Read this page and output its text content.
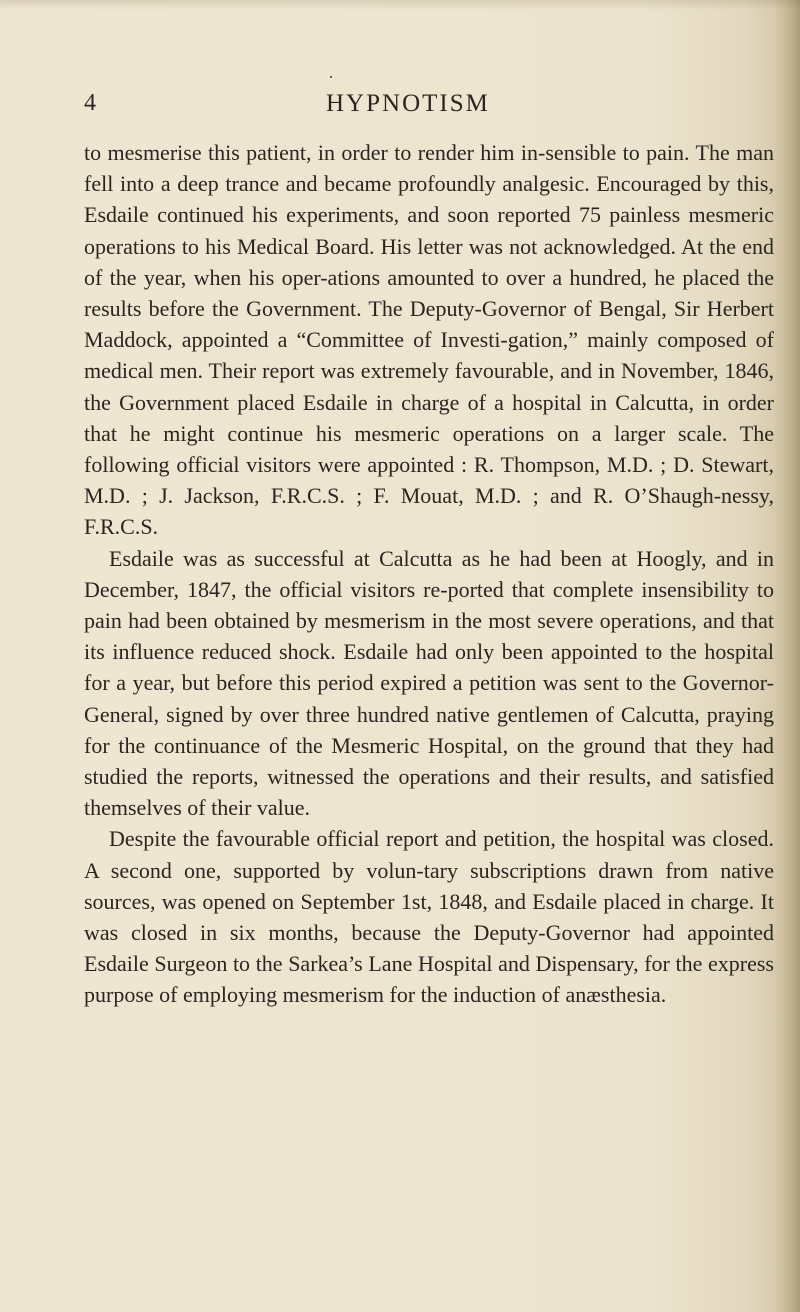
·
4	HYPNOTISM

to mesmerise this patient, in order to render him in-sensible to pain. The man fell into a deep trance and became profoundly analgesic. Encouraged by this, Esdaile continued his experiments, and soon reported 75 painless mesmeric operations to his Medical Board. His letter was not acknowledged. At the end of the year, when his oper-ations amounted to over a hundred, he placed the results before the Government. The Deputy-Governor of Bengal, Sir Herbert Maddock, appointed a “Committee of Investi-gation,” mainly composed of medical men. Their report was extremely favourable, and in November, 1846, the Government placed Esdaile in charge of a hospital in Calcutta, in order that he might continue his mesmeric operations on a larger scale. The following official visitors were appointed : R. Thompson, M.D. ; D. Stewart, M.D. ; J. Jackson, F.R.C.S. ; F. Mouat, M.D. ; and R. O’Shaugh-nessy, F.R.C.S.

Esdaile was as successful at Calcutta as he had been at Hoogly, and in December, 1847, the official visitors re-ported that complete insensibility to pain had been obtained by mesmerism in the most severe operations, and that its influence reduced shock. Esdaile had only been appointed to the hospital for a year, but before this period expired a petition was sent to the Governor-General, signed by over three hundred native gentlemen of Calcutta, praying for the continuance of the Mesmeric Hospital, on the ground that they had studied the reports, witnessed the operations and their results, and satisfied themselves of their value.

Despite the favourable official report and petition, the hospital was closed. A second one, supported by volun-tary subscriptions drawn from native sources, was opened on September 1st, 1848, and Esdaile placed in charge. It was closed in six months, because the Deputy-Governor had appointed Esdaile Surgeon to the Sarkea’s Lane Hospital and Dispensary, for the express purpose of employing mesmerism for the induction of anæsthesia.
